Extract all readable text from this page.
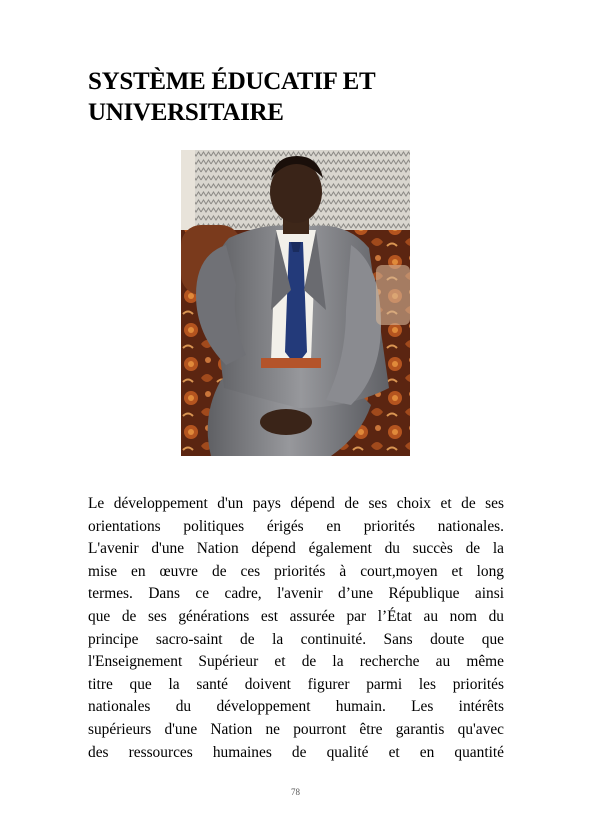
SYSTÈME ÉDUCATIF ET
UNIVERSITAIRE
Le développement d'un pays dépend de ses choix et de ses
orientations politiques érigés en priorités nationales.
L'avenir d'une Nation dépend également du succès de la
mise en œuvre de ces priorités à court,moyen et long
termes. Dans ce cadre, l'avenir d’une République ainsi
que de ses générations est assurée par l’État au nom du
principe sacro-saint de la continuité. Sans doute que
l'Enseignement Supérieur et de la recherche au même
titre que la santé doivent figurer parmi les priorités
nationales du développement humain. Les intérêts
supérieurs d'une Nation ne pourront être garantis qu'avec
des ressources humaines de qualité et en quantité
78
